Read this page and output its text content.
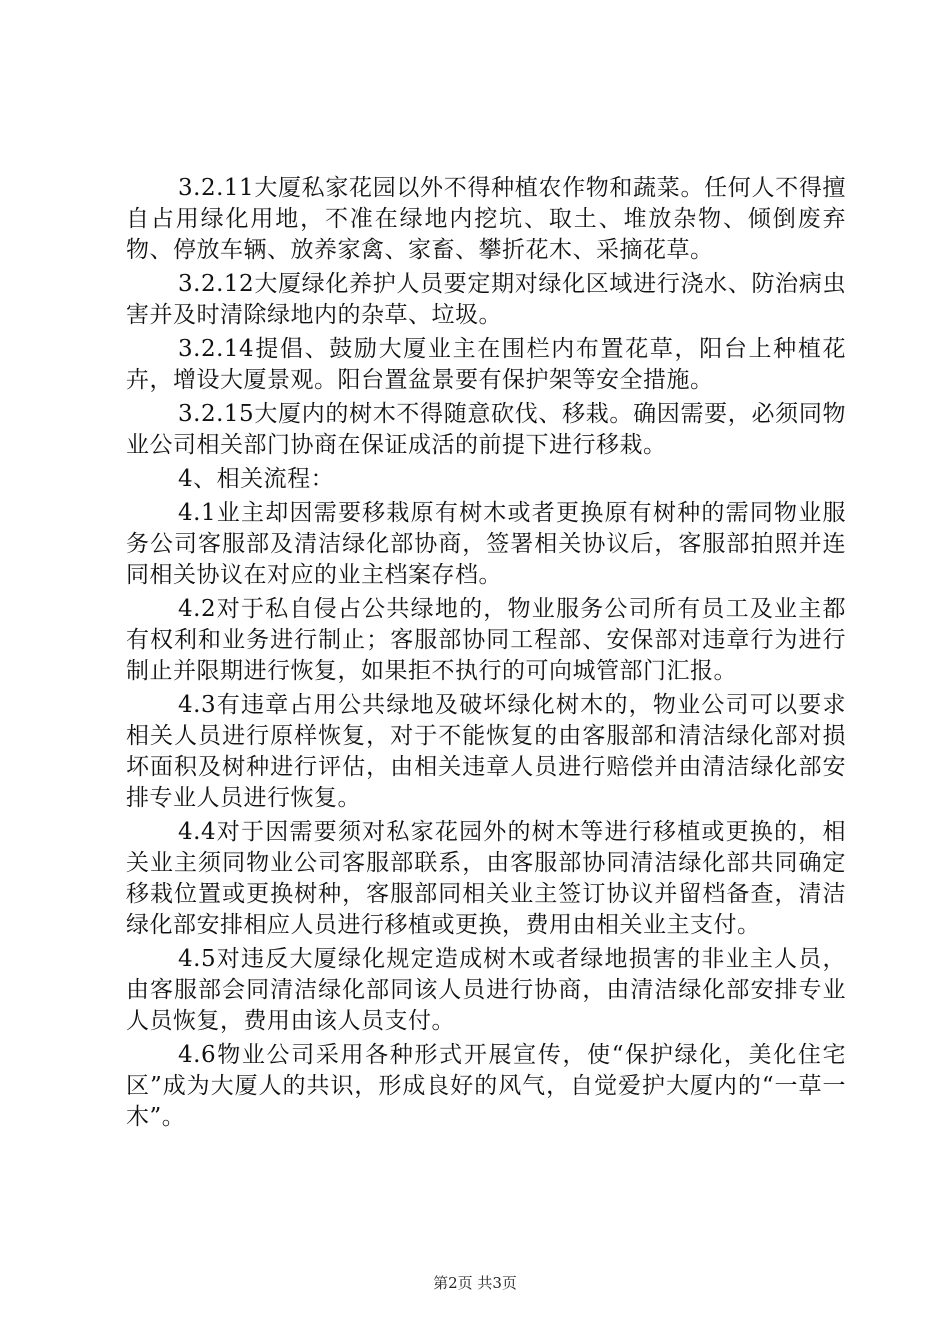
3.2.11大厦私家花园以外不得种植农作物和蔬菜。任何人不得擅自占用绿化用地，不准在绿地内挖坑、取土、堆放杂物、倾倒废弃物、停放车辆、放养家禽、家畜、攀折花木、采摘花草。

3.2.12大厦绿化养护人员要定期对绿化区域进行浇水、防治病虫害并及时清除绿地内的杂草、垃圾。

3.2.14提倡、鼓励大厦业主在围栏内布置花草，阳台上种植花卉，增设大厦景观。阳台置盆景要有保护架等安全措施。

3.2.15大厦内的树木不得随意砍伐、移栽。确因需要，必须同物业公司相关部门协商在保证成活的前提下进行移栽。

4、相关流程：

4.1业主却因需要移栽原有树木或者更换原有树种的需同物业服务公司客服部及清洁绿化部协商，签署相关协议后，客服部拍照并连同相关协议在对应的业主档案存档。

4.2对于私自侵占公共绿地的，物业服务公司所有员工及业主都有权利和业务进行制止；客服部协同工程部、安保部对违章行为进行制止并限期进行恢复，如果拒不执行的可向城管部门汇报。

4.3有违章占用公共绿地及破坏绿化树木的，物业公司可以要求相关人员进行原样恢复，对于不能恢复的由客服部和清洁绿化部对损坏面积及树种进行评估，由相关违章人员进行赔偿并由清洁绿化部安排专业人员进行恢复。

4.4对于因需要须对私家花园外的树木等进行移植或更换的，相关业主须同物业公司客服部联系，由客服部协同清洁绿化部共同确定移栽位置或更换树种，客服部同相关业主签订协议并留档备查，清洁绿化部安排相应人员进行移植或更换，费用由相关业主支付。

4.5对违反大厦绿化规定造成树木或者绿地损害的非业主人员，由客服部会同清洁绿化部同该人员进行协商，由清洁绿化部安排专业人员恢复，费用由该人员支付。

4.6物业公司采用各种形式开展宣传，使“保护绿化，美化住宅区”成为大厦人的共识，形成良好的风气，自觉爱护大厦内的“一草一木”。

第2页 共3页
